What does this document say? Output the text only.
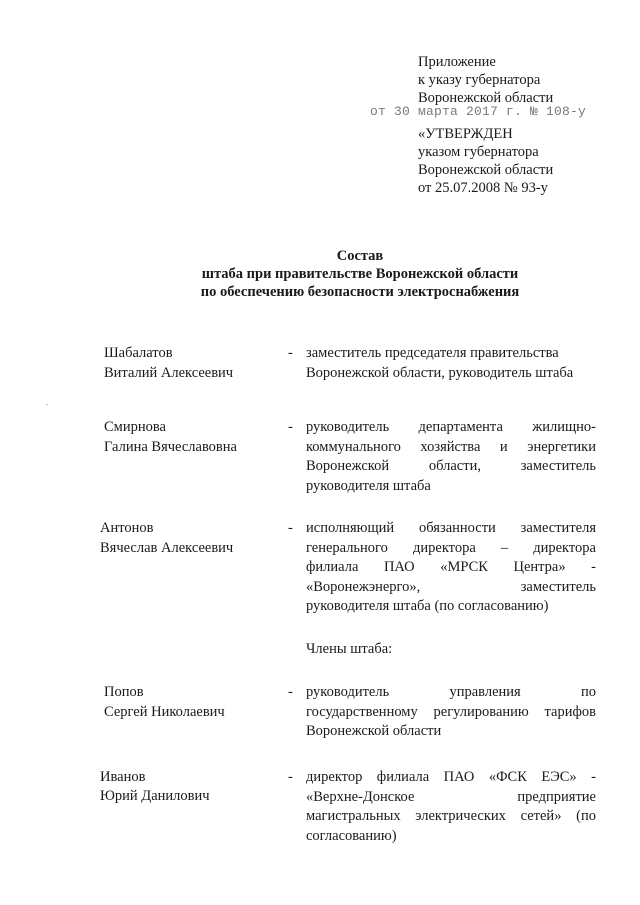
Приложение
к указу губернатора
Воронежской области
от 30 марта 2017 г. № 108-у
«УТВЕРЖДЕН
указом губернатора
Воронежской области
от 25.07.2008 № 93-у
Состав
штаба при правительстве Воронежской области
по обеспечению безопасности электроснабжения
Шабалатов
Виталий Алексеевич
- заместитель председателя правительства
Воронежской области, руководитель штаба
Смирнова
Галина Вячеславовна
- руководитель департамента жилищно-
коммунального хозяйства и энергетики
Воронежской области, заместитель
руководителя штаба
Антонов
Вячеслав Алексеевич
- исполняющий обязанности заместителя
генерального директора – директора
филиала ПАО «МРСК Центра» -
«Воронежэнерго», заместитель
руководителя штаба (по согласованию)
Члены штаба:
Попов
Сергей Николаевич
- руководитель управления по
государственному регулированию тарифов
Воронежской области
Иванов
Юрий Данилович
- директор филиала ПАО «ФСК ЕЭС» -
«Верхне-Донское предприятие
магистральных электрических сетей» (по
согласованию)
